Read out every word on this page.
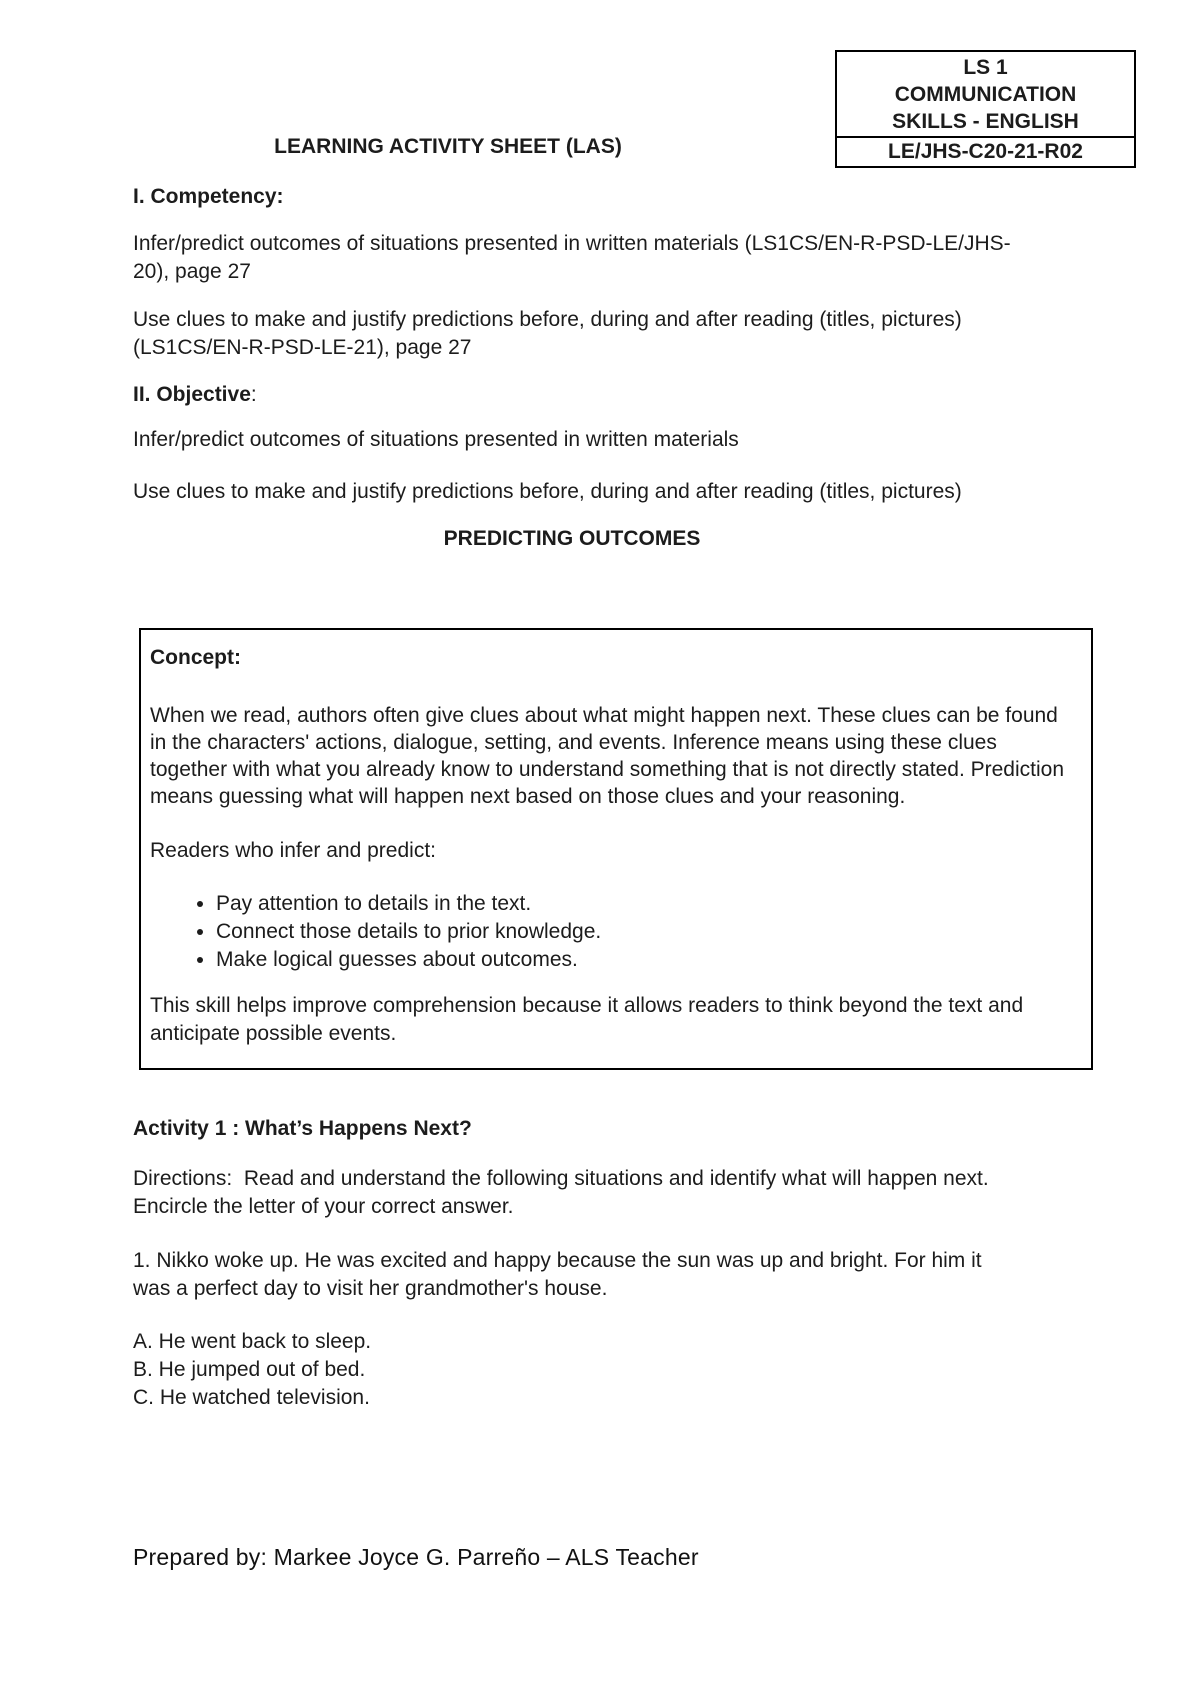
LS 1
COMMUNICATION
SKILLS - ENGLISH
LE/JHS-C20-21-R02
LEARNING ACTIVITY SHEET (LAS)
I. Competency:
Infer/predict outcomes of situations presented in written materials (LS1CS/EN-R-PSD-LE/JHS-20), page 27
Use clues to make and justify predictions before, during and after reading (titles, pictures) (LS1CS/EN-R-PSD-LE-21), page 27
II. Objective:
Infer/predict outcomes of situations presented in written materials
Use clues to make and justify predictions before, during and after reading (titles, pictures)
PREDICTING OUTCOMES
Concept:
When we read, authors often give clues about what might happen next. These clues can be found in the characters' actions, dialogue, setting, and events. Inference means using these clues together with what you already know to understand something that is not directly stated. Prediction means guessing what will happen next based on those clues and your reasoning.
Readers who infer and predict:
• Pay attention to details in the text.
• Connect those details to prior knowledge.
• Make logical guesses about outcomes.
This skill helps improve comprehension because it allows readers to think beyond the text and anticipate possible events.
Activity 1 : What’s Happens Next?
Directions:  Read and understand the following situations and identify what will happen next. Encircle the letter of your correct answer.
1. Nikko woke up. He was excited and happy because the sun was up and bright. For him it was a perfect day to visit her grandmother's house.
A. He went back to sleep.
B. He jumped out of bed.
C. He watched television.
Prepared by: Markee Joyce G. Parreño – ALS Teacher
